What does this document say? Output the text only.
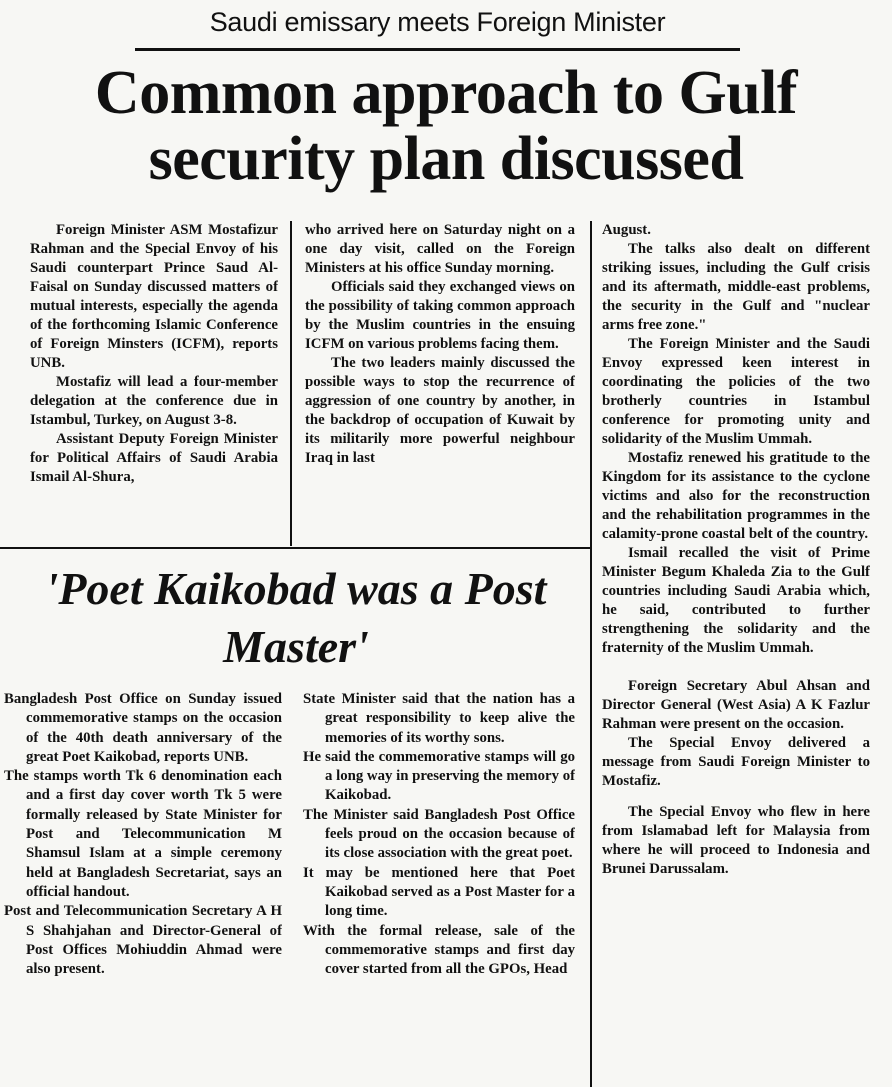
Saudi emissary meets Foreign Minister
Common approach to Gulf security plan discussed

Foreign Minister ASM Mostafizur Rahman and the Special Envoy of his Saudi counterpart Prince Saud Al-Faisal on Sunday discussed matters of mutual interests, especially the agenda of the forthcoming Islamic Conference of Foreign Minsters (ICFM), reports UNB.

Mostafiz will lead a four-member delegation at the conference due in Istambul, Turkey, on August 3-8.

Assistant Deputy Foreign Minister for Political Affairs of Saudi Arabia Ismail Al-Shura,

who arrived here on Saturday night on a one day visit, called on the Foreign Ministers at his office Sunday morning.

Officials said they exchanged views on the possibility of taking common approach by the Muslim countries in the ensuing ICFM on various problems facing them.

The two leaders mainly discussed the possible ways to stop the recurrence of aggression of one country by another, in the backdrop of occupation of Kuwait by its militarily more powerful neighbour Iraq in last

August.

The talks also dealt on different striking issues, including the Gulf crisis and its aftermath, middle-east problems, the security in the Gulf and "nuclear arms free zone."

The Foreign Minister and the Saudi Envoy expressed keen interest in coordinating the policies of the two brotherly countries in Istambul conference for promoting unity and solidarity of the Muslim Ummah.

Mostafiz renewed his gratitude to the Kingdom for its assistance to the cyclone victims and also for the reconstruction and the rehabilitation programmes in the calamity-prone coastal belt of the country.

Ismail recalled the visit of Prime Minister Begum Khaleda Zia to the Gulf countries including Saudi Arabia which, he said, contributed to further strengthening the solidarity and the fraternity of the Muslim Ummah.

Foreign Secretary Abul Ahsan and Director General (West Asia) A K Fazlur Rahman were present on the occasion.

The Special Envoy delivered a message from Saudi Foreign Minister to Mostafiz.

The Special Envoy who flew in here from Islamabad left for Malaysia from where he will proceed to Indonesia and Brunei Darussalam.

'Poet Kaikobad was a Post Master'

Bangladesh Post Office on Sunday issued commemorative stamps on the occasion of the 40th death anniversary of the great Poet Kaikobad, reports UNB.

The stamps worth Tk 6 denomination each and a first day cover worth Tk 5 were formally released by State Minister for Post and Telecommunication M Shamsul Islam at a simple ceremony held at Bangladesh Secretariat, says an official handout.

Post and Telecommunication Secretary A H S Shahjahan and Director-General of Post Offices Mohiuddin Ahmad were also present.

State Minister said that the nation has a great responsibility to keep alive the memories of its worthy sons.

He said the commemorative stamps will go a long way in preserving the memory of Kaikobad.

The Minister said Bangladesh Post Office feels proud on the occasion because of its close association with the great poet.

It may be mentioned here that Poet Kaikobad served as a Post Master for a long time.

With the formal release, sale of the commemorative stamps and first day cover started from all the GPOs, Head
